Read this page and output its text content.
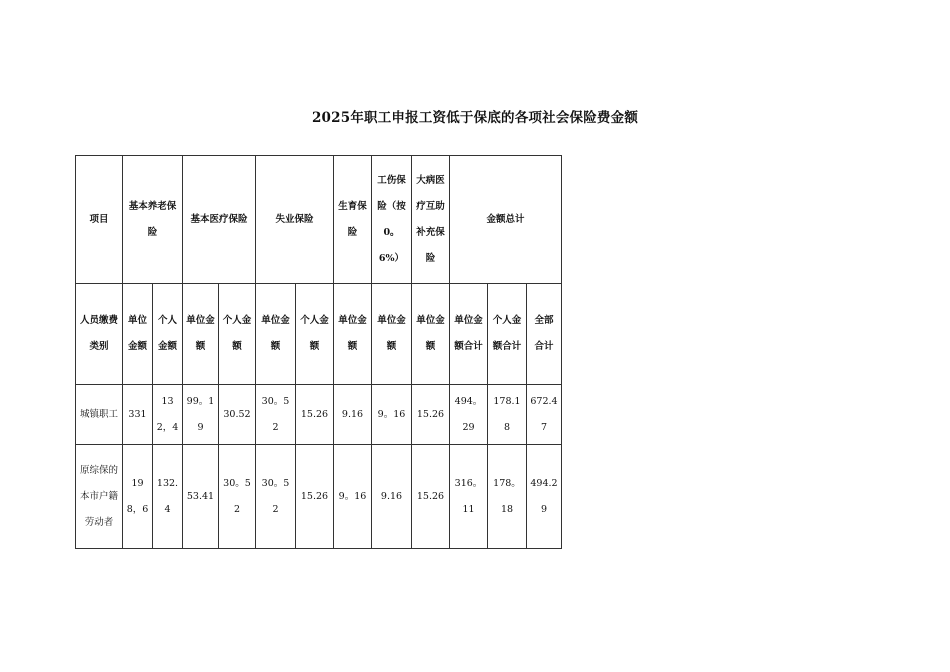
2025年职工申报工资低于保底的各项社会保险费金额
项目	基本养老保险		基本医疗保险		失业保险		生育保险	工伤保险（按0。6%）	大病医疗互助补充保险	金额总计		
人员缴费类别	单位金额	个人金额	单位金额	个人金额	单位金额	个人金额	单位金额	单位金额	单位金额	单位金额合计	个人金额合计	全部合计
城镇职工	331	132，4	99。19	30.52	30。52	15.26	9.16	9。16	15.26	494。29	178.18	672.47
原综保的本市户籍劳动者	198，6	132.4	53.41	30。52	30。52	15.26	9。16	9.16	15.26	316。11	178。18	494.29
